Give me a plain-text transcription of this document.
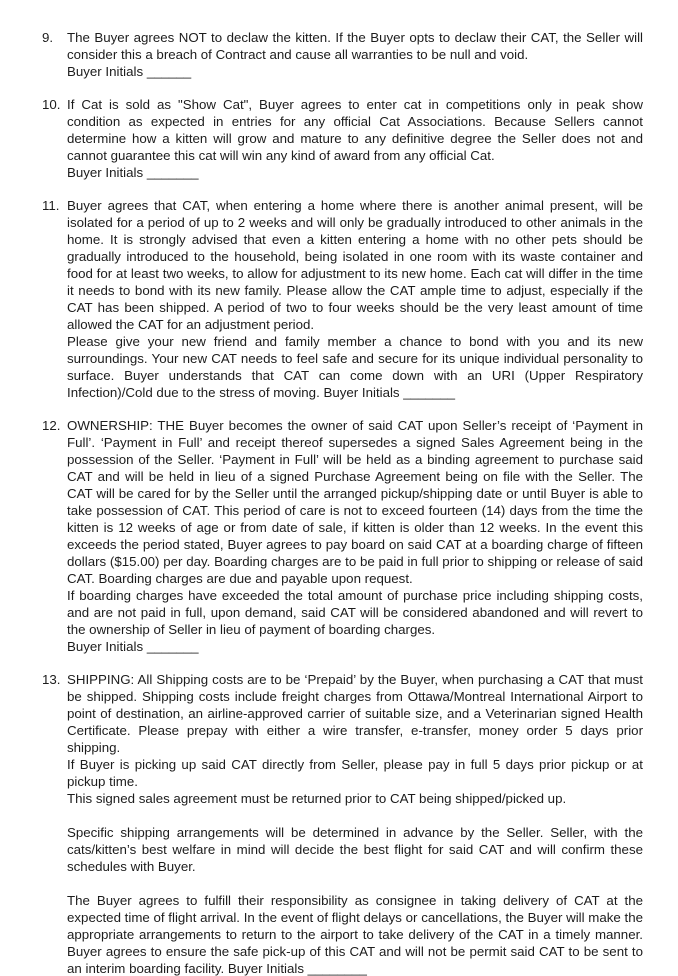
9.	The Buyer agrees NOT to declaw the kitten. If the Buyer opts to declaw their CAT, the Seller will consider this a breach of Contract and cause all warranties to be null and void.

Buyer Initials ______

10. If Cat is sold as "Show Cat", Buyer agrees to enter cat in competitions only in peak show condition as expected in entries for any official Cat Associations. Because Sellers cannot determine how a kitten will grow and mature to any definitive degree the Seller does not and cannot guarantee this cat will win any kind of award from any official Cat.

Buyer Initials _______

11. Buyer agrees that CAT, when entering a home where there is another animal present, will be isolated for a period of up to 2 weeks and will only be gradually introduced to other animals in the home. It is strongly advised that even a kitten entering a home with no other pets should be gradually introduced to the household, being isolated in one room with its waste container and food for at least two weeks, to allow for adjustment to its new home. Each cat will differ in the time it needs to bond with its new family. Please allow the CAT ample time to adjust, especially if the CAT has been shipped. A period of two to four weeks should be the very least amount of time allowed the CAT for an adjustment period.

Please give your new friend and family member a chance to bond with you and its new surroundings. Your new CAT needs to feel safe and secure for its unique individual personality to surface. Buyer understands that CAT can come down with an URI (Upper Respiratory Infection)/Cold due to the stress of moving. Buyer Initials _______

12. OWNERSHIP: THE Buyer becomes the owner of said CAT upon Seller’s receipt of ‘Payment in Full’. ‘Payment in Full’ and receipt thereof supersedes a signed Sales Agreement being in the possession of the Seller. ‘Payment in Full’ will be held as a binding agreement to purchase said CAT and will be held in lieu of a signed Purchase Agreement being on file with the Seller. The CAT will be cared for by the Seller until the arranged pickup/shipping date or until Buyer is able to take possession of CAT. This period of care is not to exceed fourteen (14) days from the time the kitten is 12 weeks of age or from date of sale, if kitten is older than 12 weeks. In the event this exceeds the period stated, Buyer agrees to pay board on said CAT at a boarding charge of fifteen dollars ($15.00) per day. Boarding charges are to be paid in full prior to shipping or release of said CAT. Boarding charges are due and payable upon request.

If boarding charges have exceeded the total amount of purchase price including shipping costs, and are not paid in full, upon demand, said CAT will be considered abandoned and will revert to the ownership of Seller in lieu of payment of boarding charges.

Buyer Initials _______

13. SHIPPING: All Shipping costs are to be ‘Prepaid’ by the Buyer, when purchasing a CAT that must be shipped. Shipping costs include freight charges from Ottawa/Montreal International Airport to point of destination, an airline-approved carrier of suitable size, and a Veterinarian signed Health Certificate. Please prepay with either a wire transfer, e-transfer, money order 5 days prior shipping.

If Buyer is picking up said CAT directly from Seller, please pay in full 5 days prior pickup or at pickup time.

This signed sales agreement must be returned prior to CAT being shipped/picked up.

Specific shipping arrangements will be determined in advance by the Seller. Seller, with the cats/kitten’s best welfare in mind will decide the best flight for said CAT and will confirm these schedules with Buyer.

The Buyer agrees to fulfill their responsibility as consignee in taking delivery of CAT at the expected time of flight arrival. In the event of flight delays or cancellations, the Buyer will make the appropriate arrangements to return to the airport to take delivery of the CAT in a timely manner. Buyer agrees to ensure the safe pick-up of this CAT and will not be permit said CAT to be sent to an interim boarding facility. Buyer Initials ________
